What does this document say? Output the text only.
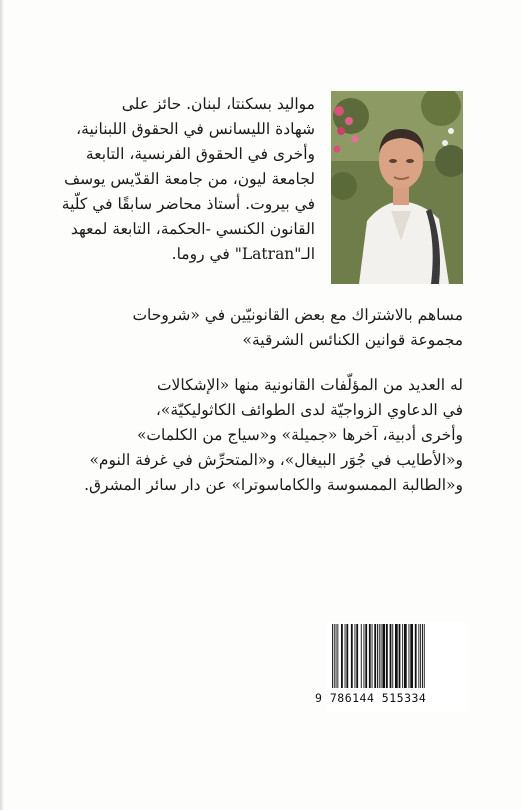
مواليد بسكنتا، لبنان. حائز على
شهادة الليسانس في الحقوق اللبنانية،
وأخرى في الحقوق الفرنسية، التابعة
لجامعة ليون، من جامعة القدّيس يوسف
في بيروت. أستاذ محاضر سابقًا في كلّية
القانون الكنسي -الحكمة، التابعة لمعهد
الـ"Latran" في روما.
مساهم بالاشتراك مع بعض القانونيّين في «شروحات
مجموعة قوانين الكنائس الشرقية»
له العديد من المؤلّفات القانونية منها «الإشكالات
في الدعاوي الزواجيّة لدى الطوائف الكاثوليكيّة»،
وأخرى أدبية، آخرها «جميلة» و«سياج من الكلمات»
و«الأطايب في جُوَر البيغال»، و«المتحرِّش في غرفة النوم»
و«الطالبة الممسوسة والكاماسوترا» عن دار سائر المشرق.
9 786144 515334
